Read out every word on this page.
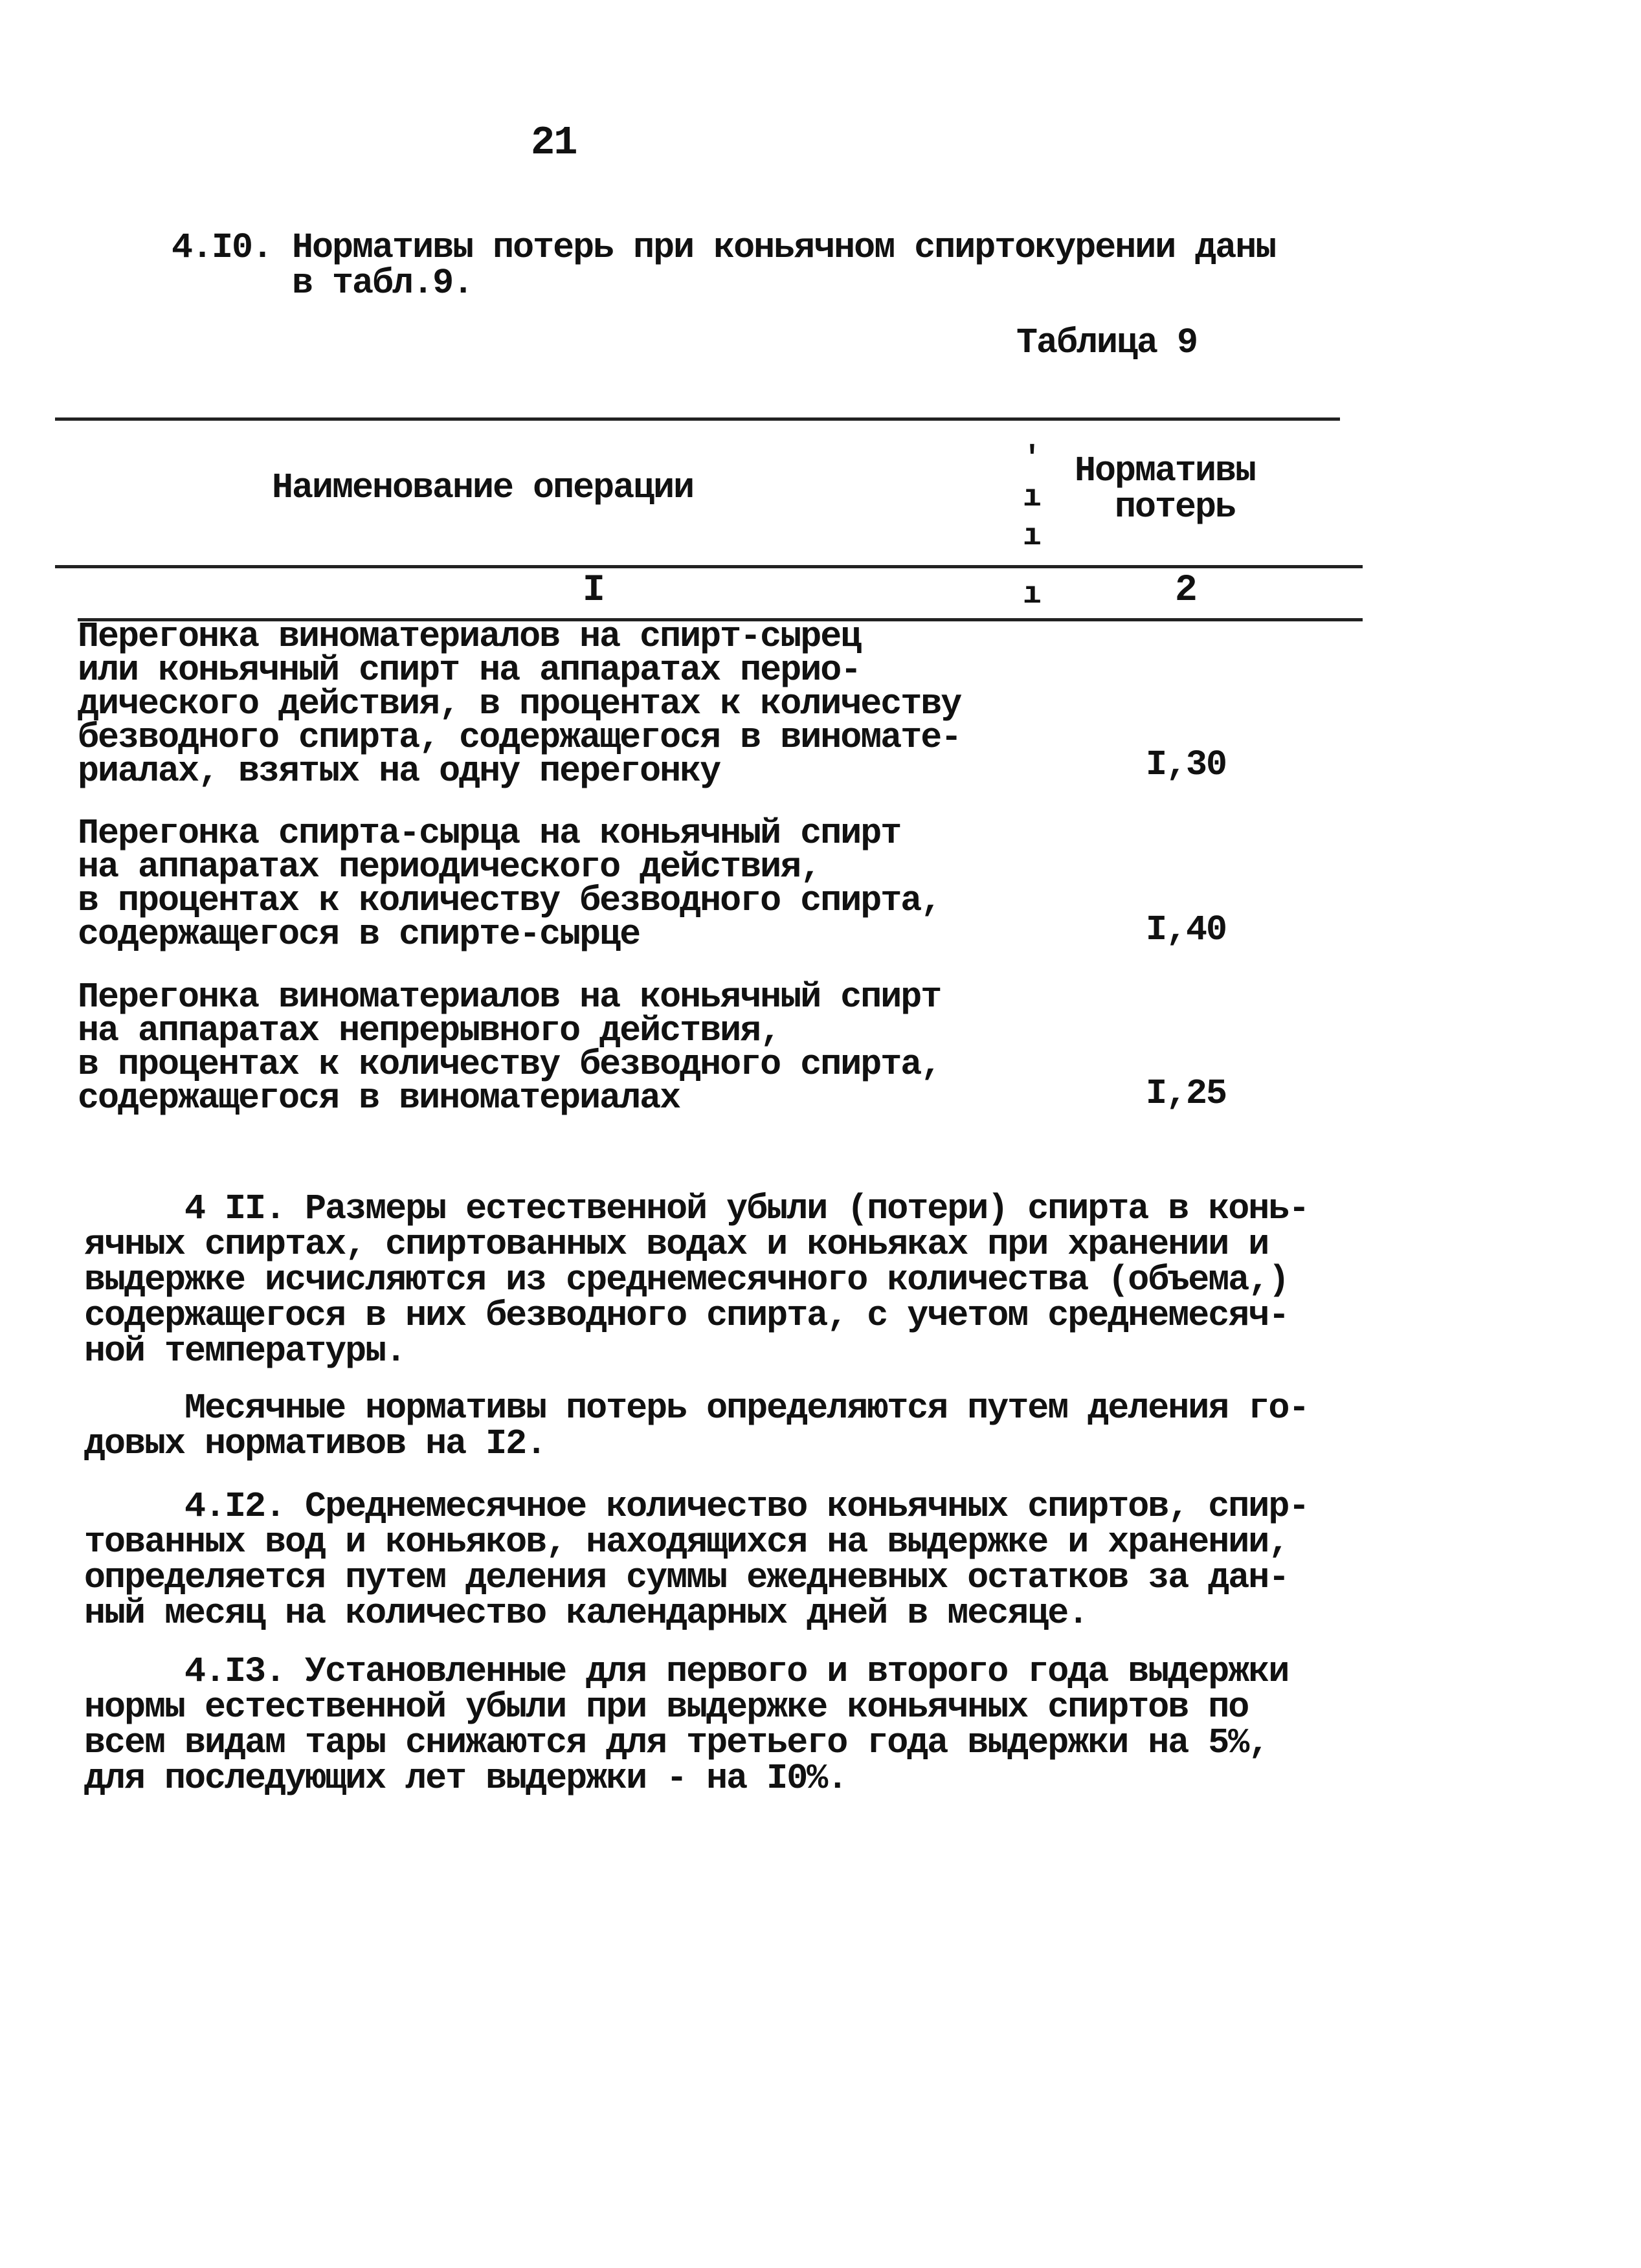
21
4.I0. Нормативы потерь при коньячном спиртокурении даны
в табл.9.
Таблица 9
Наименование операции	Нормативы
потерь
'
ı
ı
I	ı	2
Перегонка виноматериалов на спирт-сырец
или коньячный спирт на аппаратах перио-
дического действия, в процентах к количеству
безводного спирта, содержащегося в виномате-
риалах, взятых на одну перегонку	I,30
Перегонка спирта-сырца на коньячный спирт
на аппаратах периодического действия,
в процентах к количеству безводного спирта,
содержащегося в спирте-сырце	I,40
Перегонка виноматериалов на коньячный спирт
на аппаратах непрерывного действия,
в процентах к количеству безводного спирта,
содержащегося в виноматериалах	I,25
4 II. Размеры естественной убыли (потери) спирта в конь-
ячных спиртах, спиртованных водах и коньяках при хранении и
выдержке исчисляются из среднемесячного количества (объема,)
содержащегося в них безводного спирта, с учетом среднемесяч-
ной температуры.
Месячные нормативы потерь определяются путем деления го-
довых нормативов на I2.
4.I2. Среднемесячное количество коньячных спиртов, спир-
тованных вод и коньяков, находящихся на выдержке и хранении,
определяется путем деления суммы ежедневных остатков за дан-
ный месяц на количество календарных дней в месяце.
4.I3. Установленные для первого и второго года выдержки
нормы естественной убыли при выдержке коньячных спиртов по
всем видам тары снижаются для третьего года выдержки на 5%,
для последующих лет выдержки - на I0%.
